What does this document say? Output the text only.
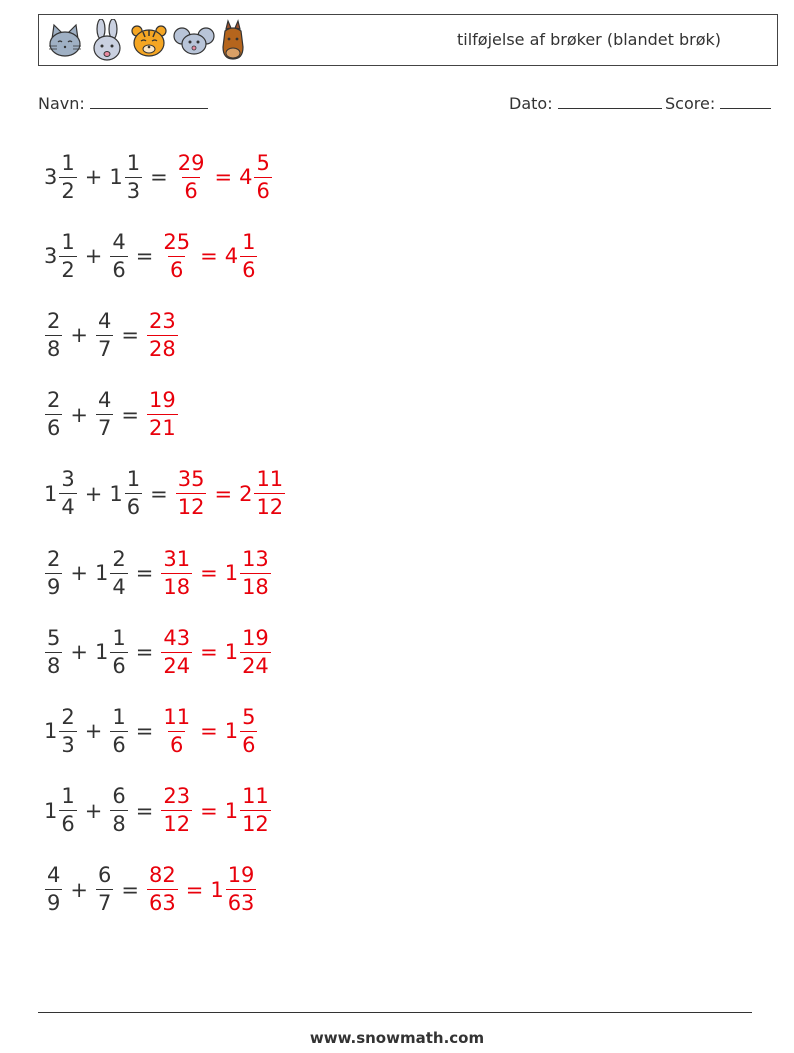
tilføjelse af brøker (blandet brøk)
Navn:	Dato:	Score:
$3 \frac{1}{2} + 1 \frac{1}{3} = \frac{29}{6} = 4 \frac{5}{6}$
$3 \frac{1}{2} + \frac{4}{6} = \frac{25}{6} = 4 \frac{1}{6}$
$\frac{2}{8} + \frac{4}{7} = \frac{23}{28}$
$\frac{2}{6} + \frac{4}{7} = \frac{19}{21}$
$1 \frac{3}{4} + 1 \frac{1}{6} = \frac{35}{12} = 2 \frac{11}{12}$
$\frac{2}{9} + 1 \frac{2}{4} = \frac{31}{18} = 1 \frac{13}{18}$
$\frac{5}{8} + 1 \frac{1}{6} = \frac{43}{24} = 1 \frac{19}{24}$
$1 \frac{2}{3} + \frac{1}{6} = \frac{11}{6} = 1 \frac{5}{6}$
$1 \frac{1}{6} + \frac{6}{8} = \frac{23}{12} = 1 \frac{11}{12}$
$\frac{4}{9} + \frac{6}{7} = \frac{82}{63} = 1 \frac{19}{63}$
www.snowmath.com
